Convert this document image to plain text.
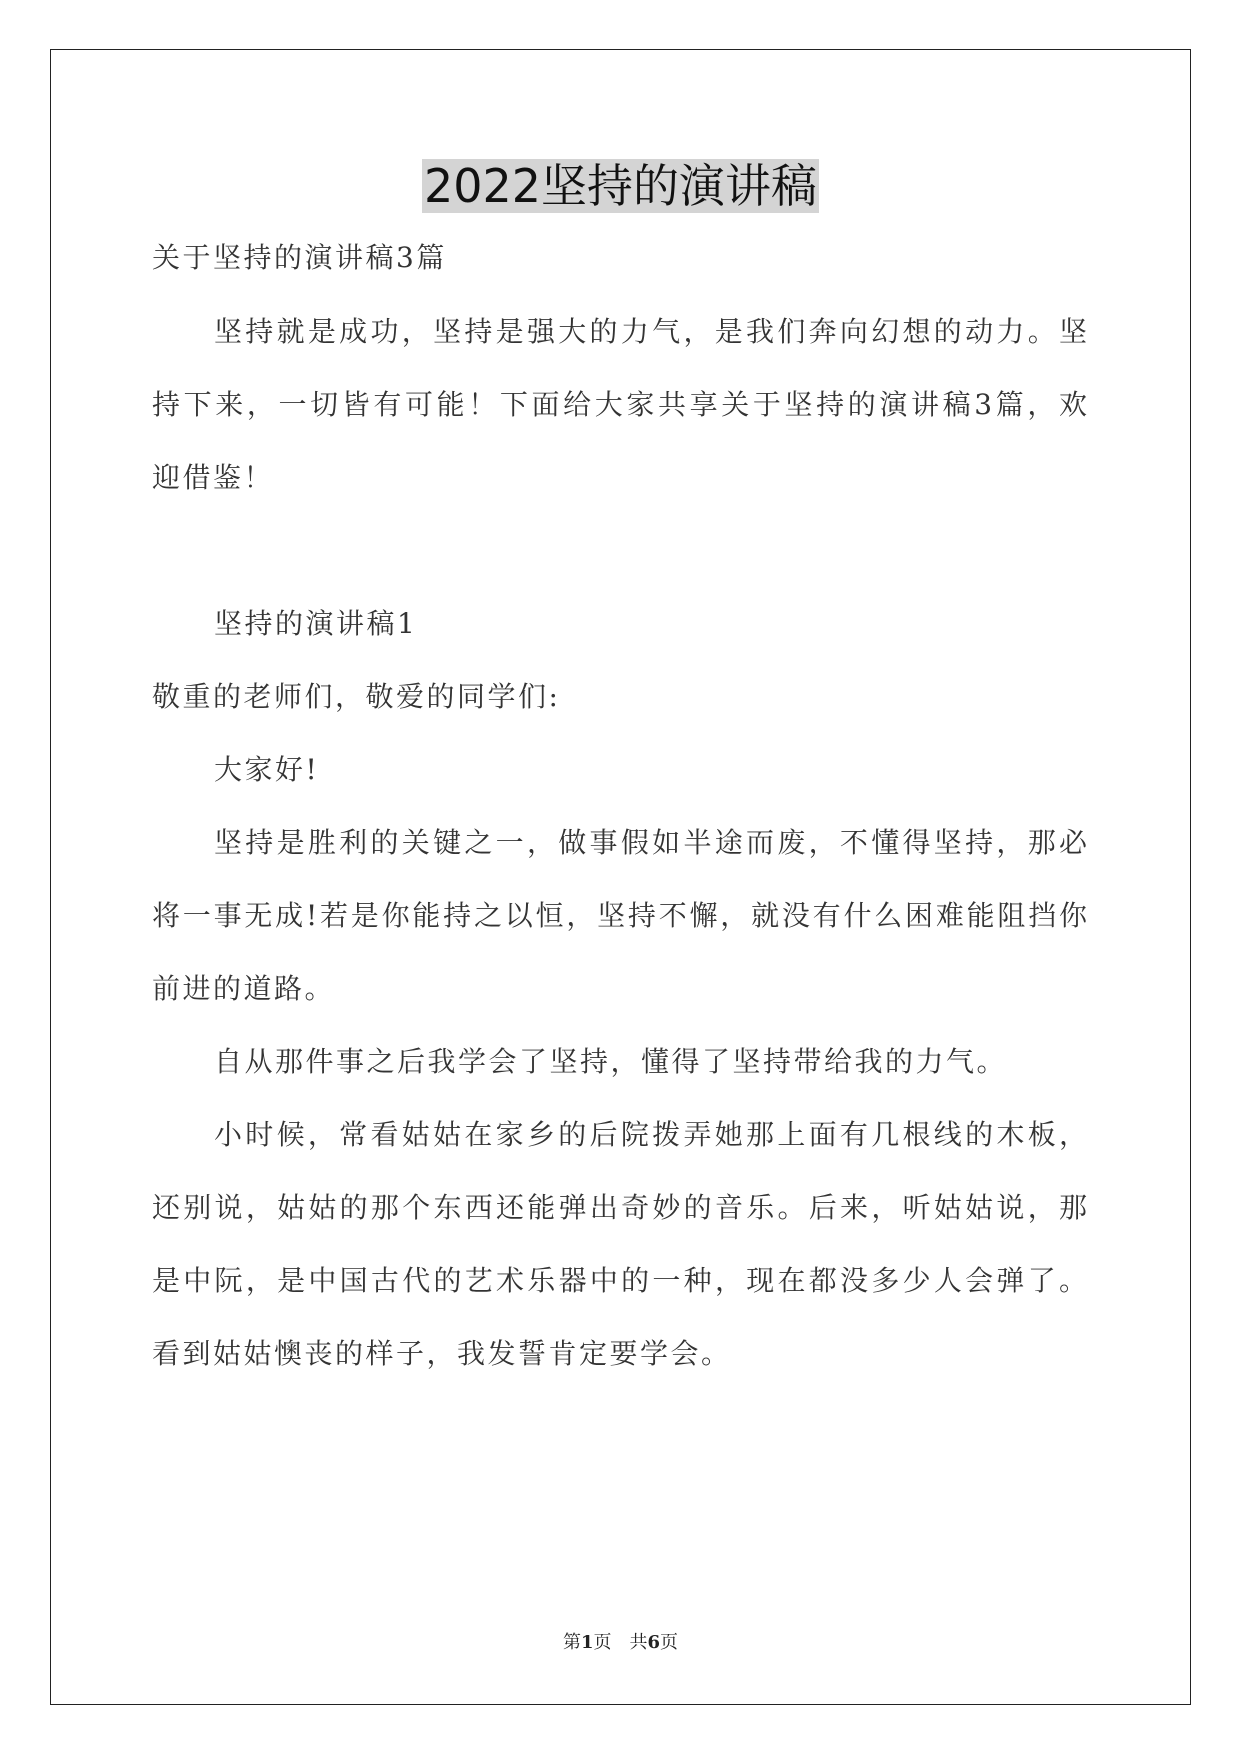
2022坚持的演讲稿
关于坚持的演讲稿3篇
坚持就是成功，坚持是强大的力气，是我们奔向幻想的动力。坚
持下来，一切皆有可能！下面给大家共享关于坚持的演讲稿3篇，欢
迎借鉴！
坚持的演讲稿1
敬重的老师们，敬爱的同学们:
大家好!
坚持是胜利的关键之一，做事假如半途而废，不懂得坚持，那必
将一事无成!若是你能持之以恒，坚持不懈，就没有什么困难能阻挡你
前进的道路。
自从那件事之后我学会了坚持，懂得了坚持带给我的力气。
小时候，常看姑姑在家乡的后院拨弄她那上面有几根线的木板，
还别说，姑姑的那个东西还能弹出奇妙的音乐。后来，听姑姑说，那
是中阮，是中国古代的艺术乐器中的一种，现在都没多少人会弹了。
看到姑姑懊丧的样子，我发誓肯定要学会。
第1页　共6页
